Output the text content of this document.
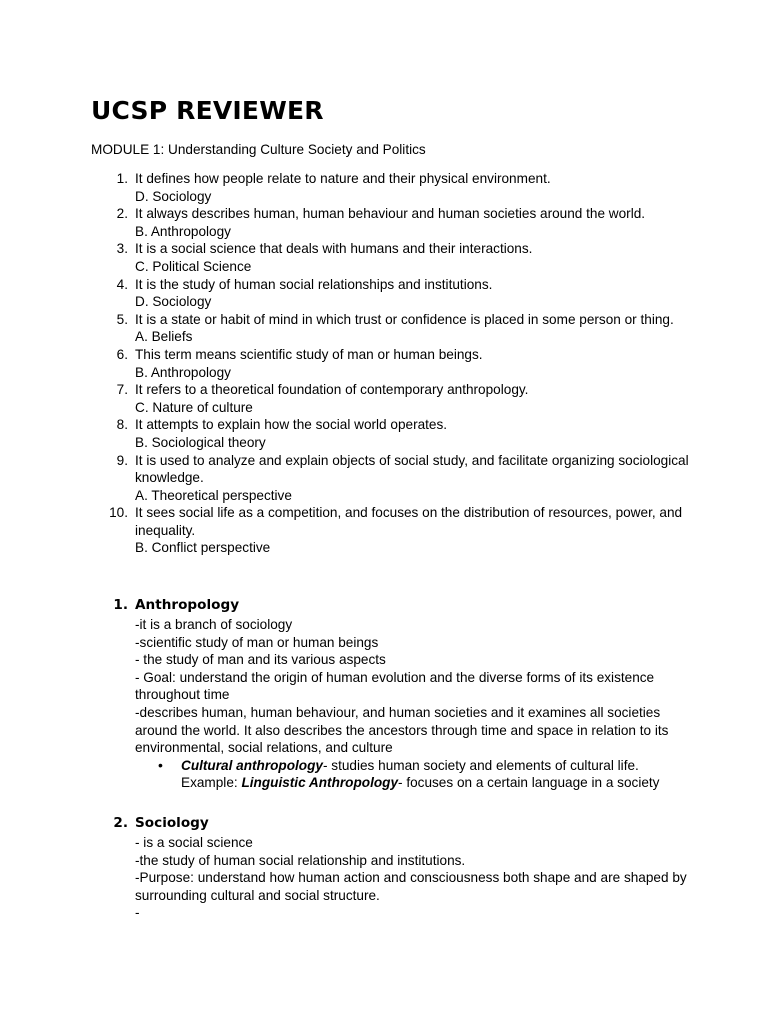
UCSP REVIEWER

MODULE 1: Understanding Culture Society and Politics

1. It defines how people relate to nature and their physical environment.
D. Sociology
2. It always describes human, human behaviour and human societies around the world.
B. Anthropology
3. It is a social science that deals with humans and their interactions.
C. Political Science
4. It is the study of human social relationships and institutions.
D. Sociology
5. It is a state or habit of mind in which trust or confidence is placed in some person or thing.
A. Beliefs
6. This term means scientific study of man or human beings.
B. Anthropology
7. It refers to a theoretical foundation of contemporary anthropology.
C. Nature of culture
8. It attempts to explain how the social world operates.
B. Sociological theory
9. It is used to analyze and explain objects of social study, and facilitate organizing sociological knowledge.
A. Theoretical perspective
10. It sees social life as a competition, and focuses on the distribution of resources, power, and inequality.
B. Conflict perspective
1. Anthropology
-it is a branch of sociology
-scientific study of man or human beings
- the study of man and its various aspects
- Goal: understand the origin of human evolution and the diverse forms of its existence throughout time
-describes human, human behaviour, and human societies and it examines all societies around the world. It also describes the ancestors through time and space in relation to its environmental, social relations, and culture
• Cultural anthropology- studies human society and elements of cultural life.
Example: Linguistic Anthropology- focuses on a certain language in a society
2. Sociology
- is a social science
-the study of human social relationship and institutions.
-Purpose: understand how human action and consciousness both shape and are shaped by surrounding cultural and social structure.
-
